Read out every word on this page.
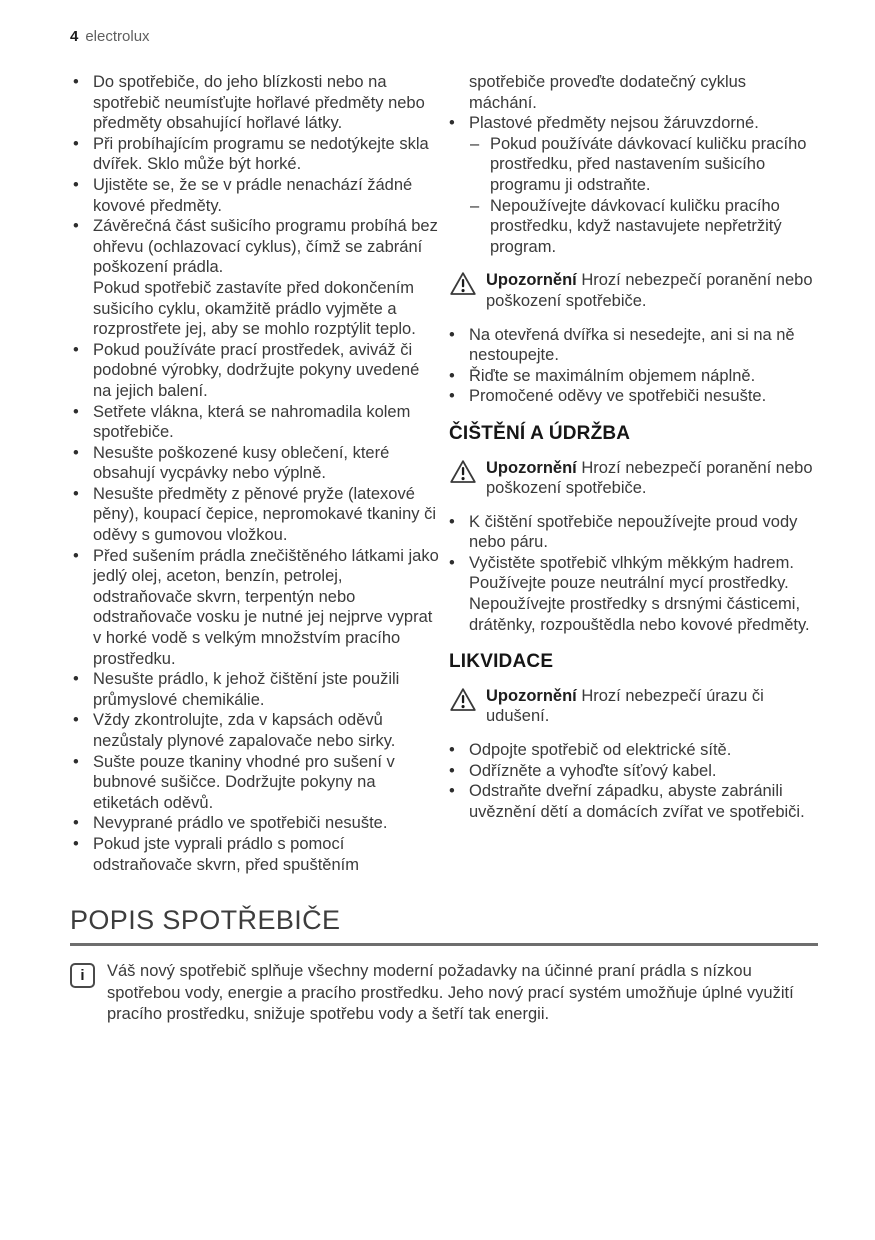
4 electrolux
• Do spotřebiče, do jeho blízkosti nebo na spotřebič neumísťujte hořlavé předměty nebo předměty obsahující hořlavé látky.
• Při probíhajícím programu se nedotýkejte skla dvířek. Sklo může být horké.
• Ujistěte se, že se v prádle nenachází žádné kovové předměty.
• Závěrečná část sušicího programu probíhá bez ohřevu (ochlazovací cyklus), čímž se zabrání poškození prádla.
Pokud spotřebič zastavíte před dokončením sušicího cyklu, okamžitě prádlo vyjměte a rozprostřete jej, aby se mohlo rozptýlit teplo.
• Pokud používáte prací prostředek, aviváž či podobné výrobky, dodržujte pokyny uvedené na jejich balení.
• Setřete vlákna, která se nahromadila kolem spotřebiče.
• Nesušte poškozené kusy oblečení, které obsahují vycpávky nebo výplně.
• Nesušte předměty z pěnové pryže (latexové pěny), koupací čepice, nepromokavé tkaniny či oděvy s gumovou vložkou.
• Před sušením prádla znečištěného látkami jako jedlý olej, aceton, benzín, petrolej, odstraňovače skvrn, terpentýn nebo odstraňovače vosku je nutné jej nejprve vyprat v horké vodě s velkým množstvím pracího prostředku.
• Nesušte prádlo, k jehož čištění jste použili průmyslové chemikálie.
• Vždy zkontrolujte, zda v kapsách oděvů nezůstaly plynové zapalovače nebo sirky.
• Sušte pouze tkaniny vhodné pro sušení v bubnové sušičce. Dodržujte pokyny na etiketách oděvů.
• Nevyprané prádlo ve spotřebiči nesušte.
• Pokud jste vyprali prádlo s pomocí odstraňovače skvrn, před spuštěním
spotřebiče proveďte dodatečný cyklus máchání.
• Plastové předměty nejsou žáruvzdorné.
– Pokud používáte dávkovací kuličku pracího prostředku, před nastavením sušicího programu ji odstraňte.
– Nepoužívejte dávkovací kuličku pracího prostředku, když nastavujete nepřetržitý program.
Upozornění Hrozí nebezpečí poranění nebo poškození spotřebiče.
• Na otevřená dvířka si nesedejte, ani si na ně nestoupejte.
• Řiďte se maximálním objemem náplně.
• Promočené oděvy ve spotřebiči nesušte.
ČIŠTĚNÍ A ÚDRŽBA
Upozornění Hrozí nebezpečí poranění nebo poškození spotřebiče.
• K čištění spotřebiče nepoužívejte proud vody nebo páru.
• Vyčistěte spotřebič vlhkým měkkým hadrem. Používejte pouze neutrální mycí prostředky. Nepoužívejte prostředky s drsnými částicemi, drátěnky, rozpouštědla nebo kovové předměty.
LIKVIDACE
Upozornění Hrozí nebezpečí úrazu či udušení.
• Odpojte spotřebič od elektrické sítě.
• Odřízněte a vyhoďte síťový kabel.
• Odstraňte dveřní západku, abyste zabránili uvěznění dětí a domácích zvířat ve spotřebiči.
POPIS SPOTŘEBIČE
i	Váš nový spotřebič splňuje všechny moderní požadavky na účinné praní prádla s nízkou spotřebou vody, energie a pracího prostředku. Jeho nový prací systém umožňuje úplné využití pracího prostředku, snižuje spotřebu vody a šetří tak energii.
